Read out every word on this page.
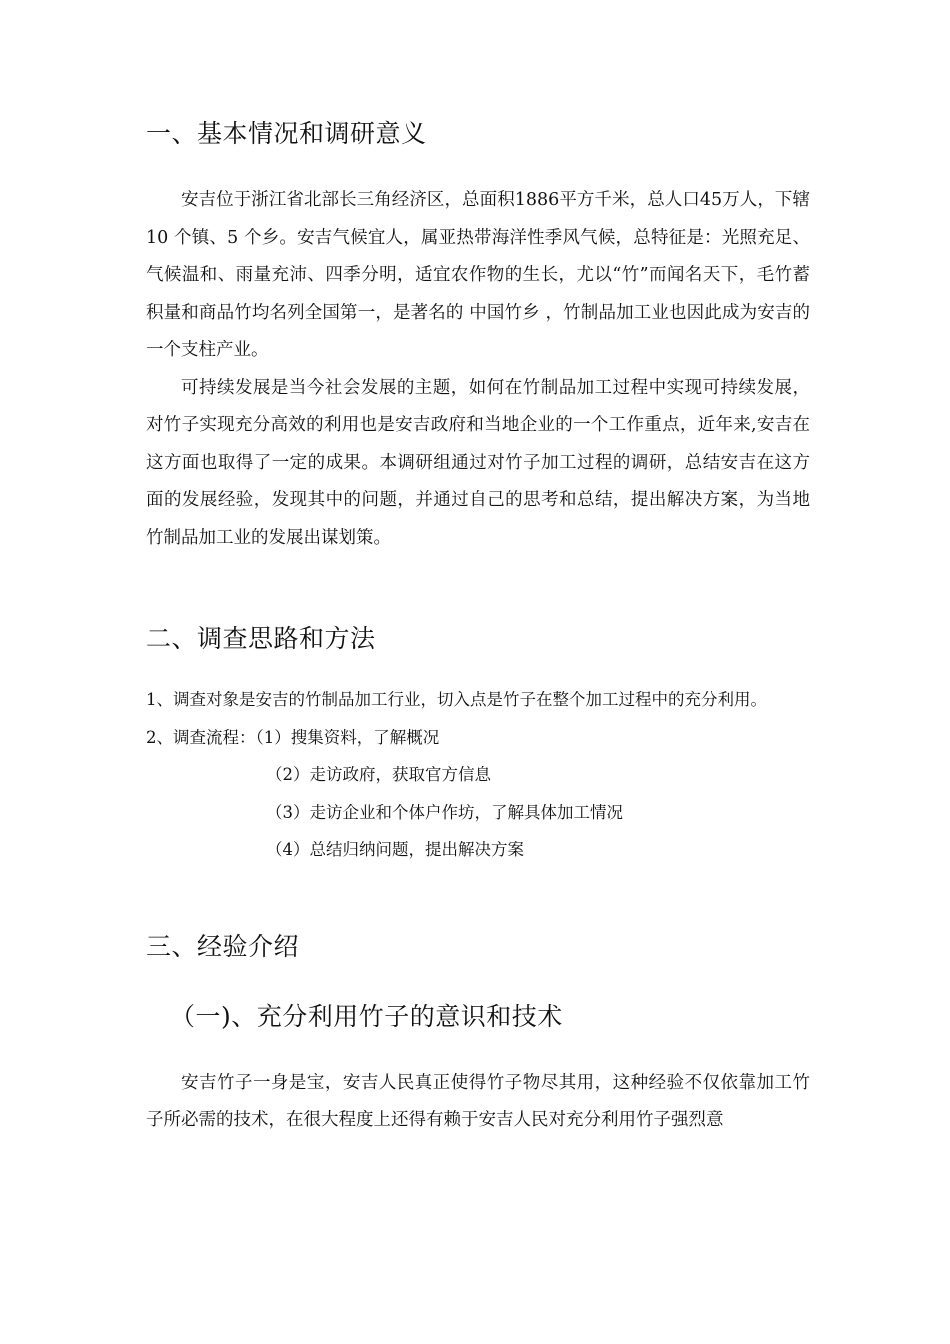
一、基本情况和调研意义

安吉位于浙江省北部长三角经济区，总面积1886平方千米，总人口45万人，下辖 10 个镇、5 个乡。安吉气候宜人，属亚热带海洋性季风气候，总特征是：光照充足、气候温和、雨量充沛、四季分明，适宜农作物的生长，尤以“竹”而闻名天下，毛竹蓄积量和商品竹均名列全国第一，是著名的 中国竹乡 ，竹制品加工业也因此成为安吉的一个支柱产业。

可持续发展是当今社会发展的主题，如何在竹制品加工过程中实现可持续发展，对竹子实现充分高效的利用也是安吉政府和当地企业的一个工作重点，近年来,安吉在这方面也取得了一定的成果。本调研组通过对竹子加工过程的调研，总结安吉在这方面的发展经验，发现其中的问题，并通过自己的思考和总结，提出解决方案，为当地竹制品加工业的发展出谋划策。

二、调查思路和方法

1、调查对象是安吉的竹制品加工行业，切入点是竹子在整个加工过程中的充分利用。

2、调查流程：（1）搜集资料，了解概况

（2）走访政府，获取官方信息

（3）走访企业和个体户作坊，了解具体加工情况

（4）总结归纳问题，提出解决方案

三、经验介绍
（一)、充分利用竹子的意识和技术

安吉竹子一身是宝，安吉人民真正使得竹子物尽其用，这种经验不仅依靠加工竹子所必需的技术，在很大程度上还得有赖于安吉人民对充分利用竹子强烈意
